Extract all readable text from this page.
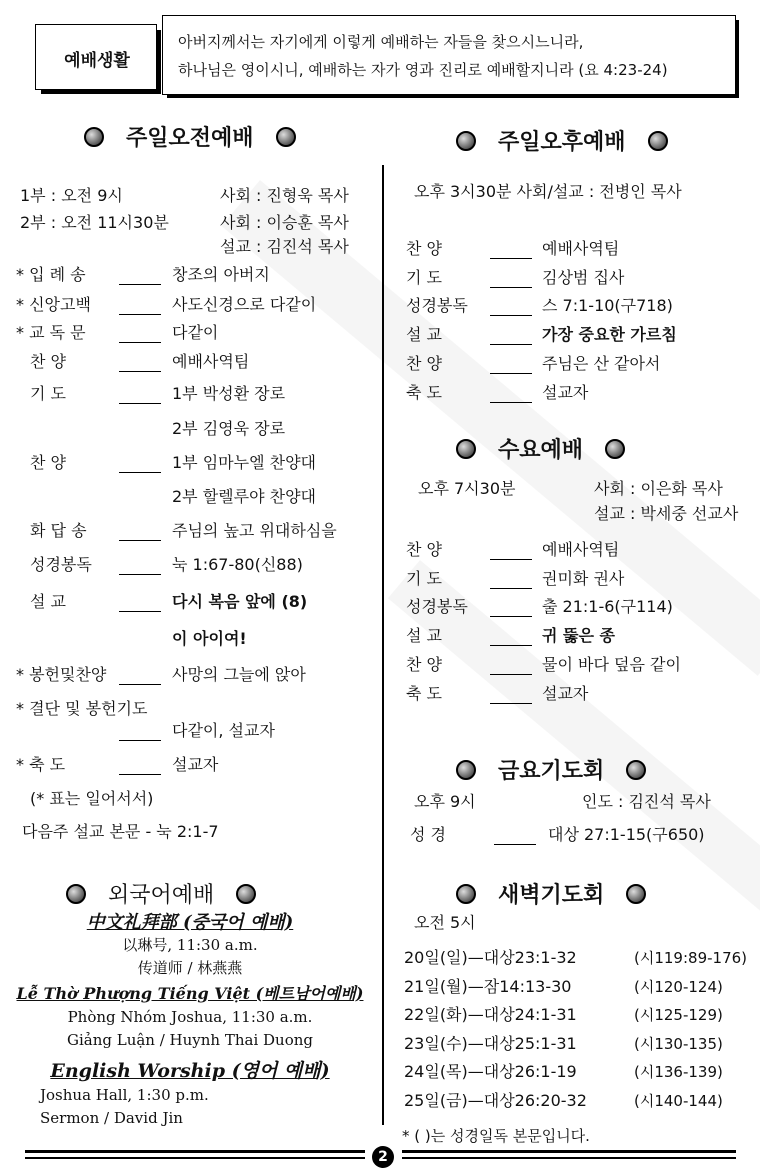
예배생활
아버지께서는 자기에게 이렇게 예배하는 자들을 찾으시느니라,
하나님은 영이시니, 예배하는 자가 영과 진리로 예배할지니라 (요 4:23-24)
주일오전예배
1부 : 오전 9시	사회 : 진형욱 목사
2부 : 오전 11시30분	사회 : 이승훈 목사
설교 : 김진석 목사
* 입 례 송	창조의 아버지
* 신앙고백	사도신경으로 다같이
* 교 독 문	다같이
찬 양	예배사역팀
기 도	1부 박성환 장로
2부 김영욱 장로
찬 양	1부 임마누엘 찬양대
2부 할렐루야 찬양대
화 답 송	주님의 높고 위대하심을
성경봉독	눅 1:67-80(신88)
설 교	다시 복음 앞에 (8)
이 아이여!
* 봉헌및찬양	사망의 그늘에 앉아
* 결단 및 봉헌기도
다같이, 설교자
* 축 도	설교자
(* 표는 일어서서)
다음주 설교 본문 - 눅 2:1-7
외국어예배
中文礼拜部 (중국어 예배)
以琳号, 11:30 a.m.
传道师 / 林燕燕
Lễ Thờ Phượng Tiếng Việt (베트남어예배)
Phòng Nhóm Joshua, 11:30 a.m.
Giảng Luận / Huynh Thai Duong
English Worship (영어 예배)
Joshua Hall, 1:30 p.m.
Sermon / David Jin
주일오후예배
오후 3시30분 사회/설교 : 전병인 목사
찬 양	예배사역팀
기 도	김상범 집사
성경봉독	스 7:1-10(구718)
설 교	가장 중요한 가르침
찬 양	주님은 산 같아서
축 도	설교자
수요예배
오후 7시30분	사회 : 이은화 목사
설교 : 박세중 선교사
찬 양	예배사역팀
기 도	권미화 권사
성경봉독	출 21:1-6(구114)
설 교	귀 뚫은 종
찬 양	물이 바다 덮음 같이
축 도	설교자
금요기도회
오후 9시	인도 : 김진석 목사
성 경	대상 27:1-15(구650)
새벽기도회
오전 5시
20일(일)—대상23:1-32	(시119:89-176)
21일(월)—잠14:13-30	(시120-124)
22일(화)—대상24:1-31	(시125-129)
23일(수)—대상25:1-31	(시130-135)
24일(목)—대상26:1-19	(시136-139)
25일(금)—대상26:20-32	(시140-144)
* ( )는 성경일독 본문입니다.
2
